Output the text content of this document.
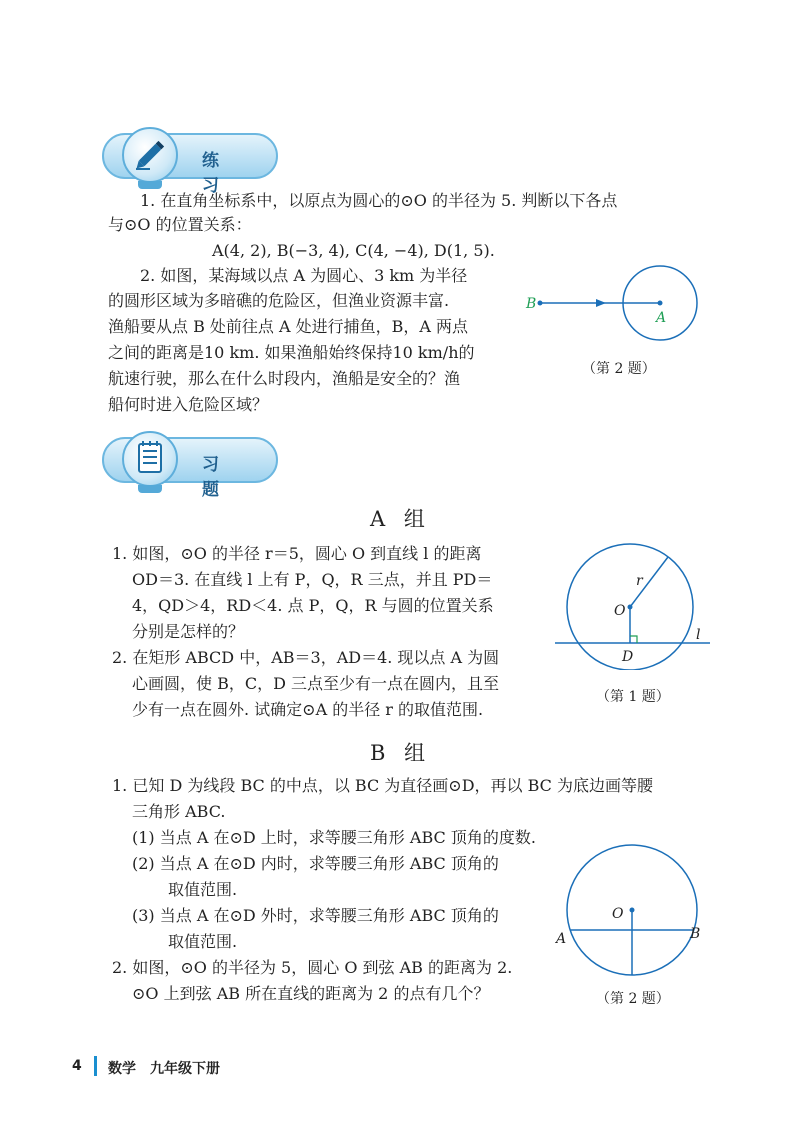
练 习
1. 在直角坐标系中，以原点为圆心的⊙O 的半径为 5. 判断以下各点
与⊙O 的位置关系：
A(4, 2), B(−3, 4), C(4, −4), D(1, 5).
2. 如图，某海域以点 A 为圆心、3 km 为半径
的圆形区域为多暗礁的危险区，但渔业资源丰富.
渔船要从点 B 处前往点 A 处进行捕鱼，B，A 两点
之间的距离是10 km. 如果渔船始终保持10 km/h的
航速行驶，那么在什么时段内，渔船是安全的？渔
船何时进入危险区域？
B
A
（第 2 题）
习 题
A 组
1. 如图，⊙O 的半径 r＝5，圆心 O 到直线 l 的距离
OD＝3. 在直线 l 上有 P，Q，R 三点，并且 PD＝
4，QD＞4，RD＜4. 点 P，Q，R 与圆的位置关系
分别是怎样的？
2. 在矩形 ABCD 中，AB＝3，AD＝4. 现以点 A 为圆
心画圆，使 B，C，D 三点至少有一点在圆内，且至
少有一点在圆外. 试确定⊙A 的半径 r 的取值范围.
r
O
D
l
（第 1 题）
B 组
1. 已知 D 为线段 BC 的中点，以 BC 为直径画⊙D，再以 BC 为底边画等腰
三角形 ABC.
(1) 当点 A 在⊙D 上时，求等腰三角形 ABC 顶角的度数.
(2) 当点 A 在⊙D 内时，求等腰三角形 ABC 顶角的
取值范围.
(3) 当点 A 在⊙D 外时，求等腰三角形 ABC 顶角的
取值范围.
2. 如图，⊙O 的半径为 5，圆心 O 到弦 AB 的距离为 2.
⊙O 上到弦 AB 所在直线的距离为 2 的点有几个？
O
A	B
（第 2 题）
4 数学　九年级下册
